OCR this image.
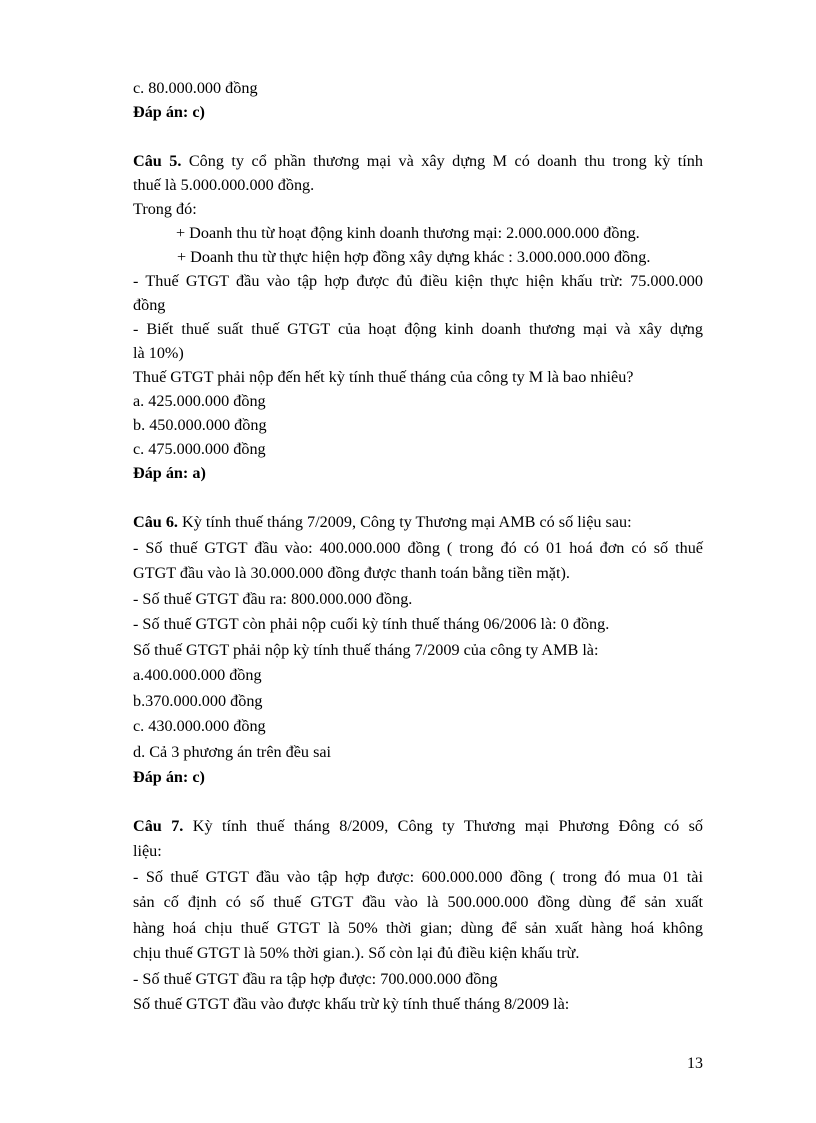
c. 80.000.000 đồng
Đáp án: c)
Câu 5. Công ty cổ phần thương mại và xây dựng M có doanh thu trong kỳ tính
thuế là 5.000.000.000 đồng.
Trong đó:
+ Doanh thu từ hoạt động kinh doanh thương mại: 2.000.000.000 đồng.
+ Doanh thu từ thực hiện hợp đồng xây dựng khác : 3.000.000.000 đồng.
- Thuế GTGT đầu vào tập hợp được đủ điều kiện thực hiện khấu trừ: 75.000.000
đồng
- Biết thuế suất thuế GTGT của hoạt động kinh doanh thương mại và xây dựng
là 10%)
Thuế GTGT phải nộp đến hết kỳ tính thuế tháng của công ty M là bao nhiêu?
a. 425.000.000 đồng
b. 450.000.000 đồng
c. 475.000.000 đồng
Đáp án: a)
Câu 6. Kỳ tính thuế tháng 7/2009, Công ty Thương mại AMB có số liệu sau:
- Số thuế GTGT đầu vào: 400.000.000 đồng ( trong đó có 01 hoá đơn có số thuế
GTGT đầu vào là 30.000.000 đồng được thanh toán bằng tiền mặt).
- Số thuế GTGT đầu ra: 800.000.000 đồng.
- Số thuế GTGT còn phải nộp cuối kỳ tính thuế tháng 06/2006 là: 0 đồng.
Số thuế GTGT phải nộp kỳ tính thuế tháng 7/2009 của công ty AMB là:
a.400.000.000 đồng
b.370.000.000 đồng
c. 430.000.000 đồng
d. Cả 3 phương án trên đều sai
Đáp án: c)
Câu 7. Kỳ tính thuế tháng 8/2009, Công ty Thương mại Phương Đông có số
liệu:
- Số thuế GTGT đầu vào tập hợp được: 600.000.000 đồng ( trong đó mua 01 tài
sản cố định có số thuế GTGT đầu vào là 500.000.000 đồng dùng để sản xuất
hàng hoá chịu thuế GTGT là 50% thời gian; dùng để sản xuất hàng hoá không
chịu thuế GTGT là 50% thời gian.). Số còn lại đủ điều kiện khấu trừ.
- Số thuế GTGT đầu ra tập hợp được: 700.000.000 đồng
Số thuế GTGT đầu vào được khấu trừ kỳ tính thuế tháng 8/2009 là:
13
